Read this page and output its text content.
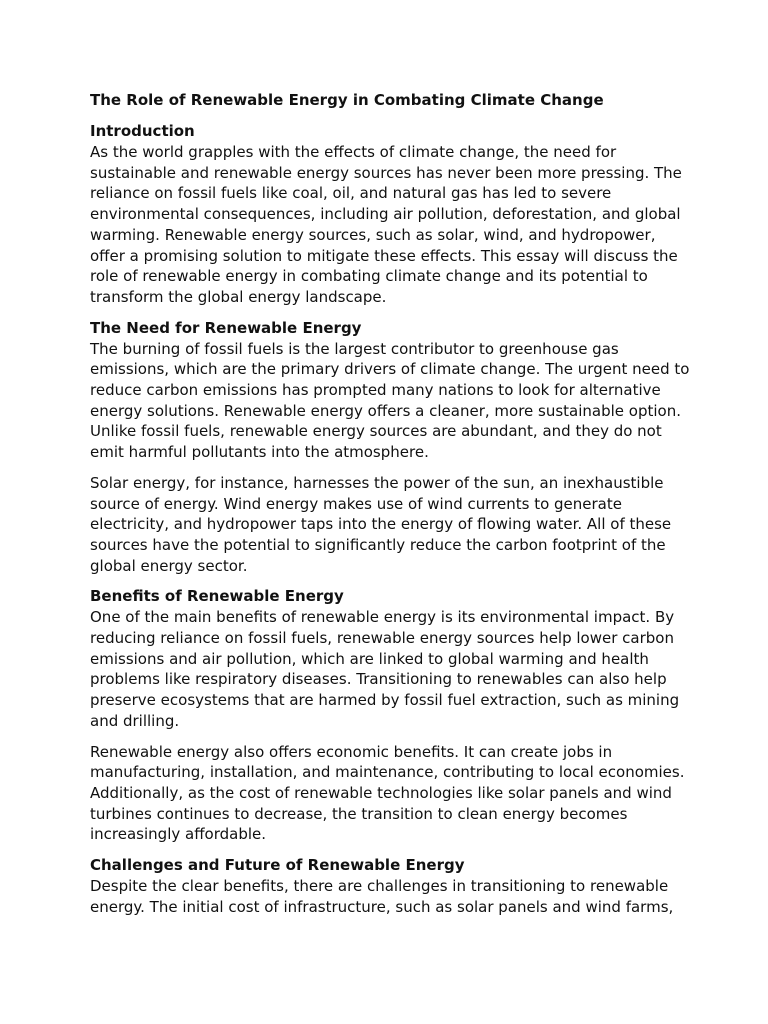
The Role of Renewable Energy in Combating Climate Change
Introduction

As the world grapples with the effects of climate change, the need for sustainable and renewable energy sources has never been more pressing. The reliance on fossil fuels like coal, oil, and natural gas has led to severe environmental consequences, including air pollution, deforestation, and global warming. Renewable energy sources, such as solar, wind, and hydropower, offer a promising solution to mitigate these effects. This essay will discuss the role of renewable energy in combating climate change and its potential to transform the global energy landscape.

The Need for Renewable Energy

The burning of fossil fuels is the largest contributor to greenhouse gas emissions, which are the primary drivers of climate change. The urgent need to reduce carbon emissions has prompted many nations to look for alternative energy solutions. Renewable energy offers a cleaner, more sustainable option. Unlike fossil fuels, renewable energy sources are abundant, and they do not emit harmful pollutants into the atmosphere.

Solar energy, for instance, harnesses the power of the sun, an inexhaustible source of energy. Wind energy makes use of wind currents to generate electricity, and hydropower taps into the energy of flowing water. All of these sources have the potential to significantly reduce the carbon footprint of the global energy sector.

Benefits of Renewable Energy

One of the main benefits of renewable energy is its environmental impact. By reducing reliance on fossil fuels, renewable energy sources help lower carbon emissions and air pollution, which are linked to global warming and health problems like respiratory diseases. Transitioning to renewables can also help preserve ecosystems that are harmed by fossil fuel extraction, such as mining and drilling.

Renewable energy also offers economic benefits. It can create jobs in manufacturing, installation, and maintenance, contributing to local economies. Additionally, as the cost of renewable technologies like solar panels and wind turbines continues to decrease, the transition to clean energy becomes increasingly affordable.

Challenges and Future of Renewable Energy

Despite the clear benefits, there are challenges in transitioning to renewable energy. The initial cost of infrastructure, such as solar panels and wind farms,
